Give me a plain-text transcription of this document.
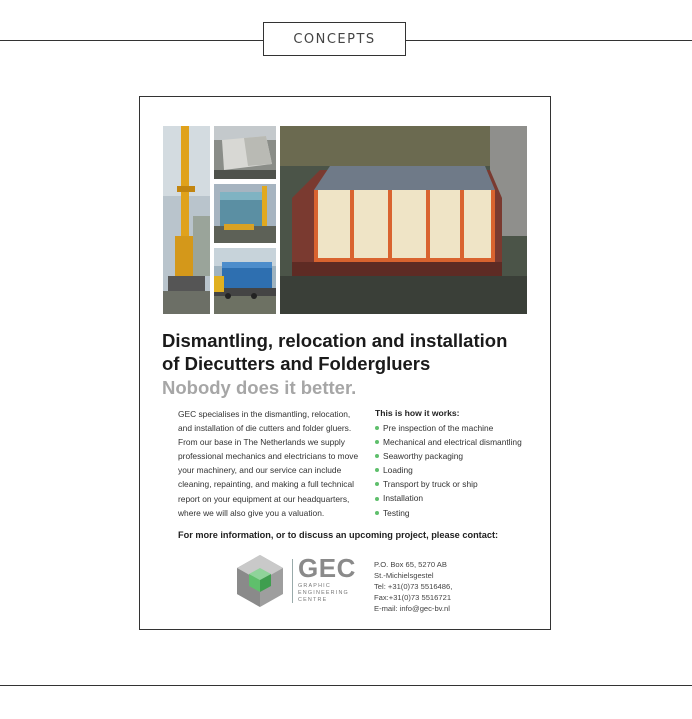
CONCEPTS
Dismantling, relocation and installation
of Diecutters and Foldergluers
Nobody does it better.
GEC specialises in the dismantling, relocation,
and installation of die cutters and folder gluers.
From our base in The Netherlands we supply
professional mechanics and electricians to move
your machinery, and our service can include
cleaning, repainting, and making a full technical
report on your equipment at our headquarters,
where we will also give you a valuation.
This is how it works:
Pre inspection of the machine
Mechanical and electrical dismantling
Seaworthy packaging
Loading
Transport by truck or ship
Installation
Testing
For more information, or to discuss an upcoming project, please contact:
GEC
GRAPHIC
ENGINEERING
CENTRE
P.O. Box 65, 5270 AB
St.-Michielsgestel
Tel: +31(0)73 5516486,
Fax:+31(0)73 5516721
E-mail: info@gec-bv.nl
